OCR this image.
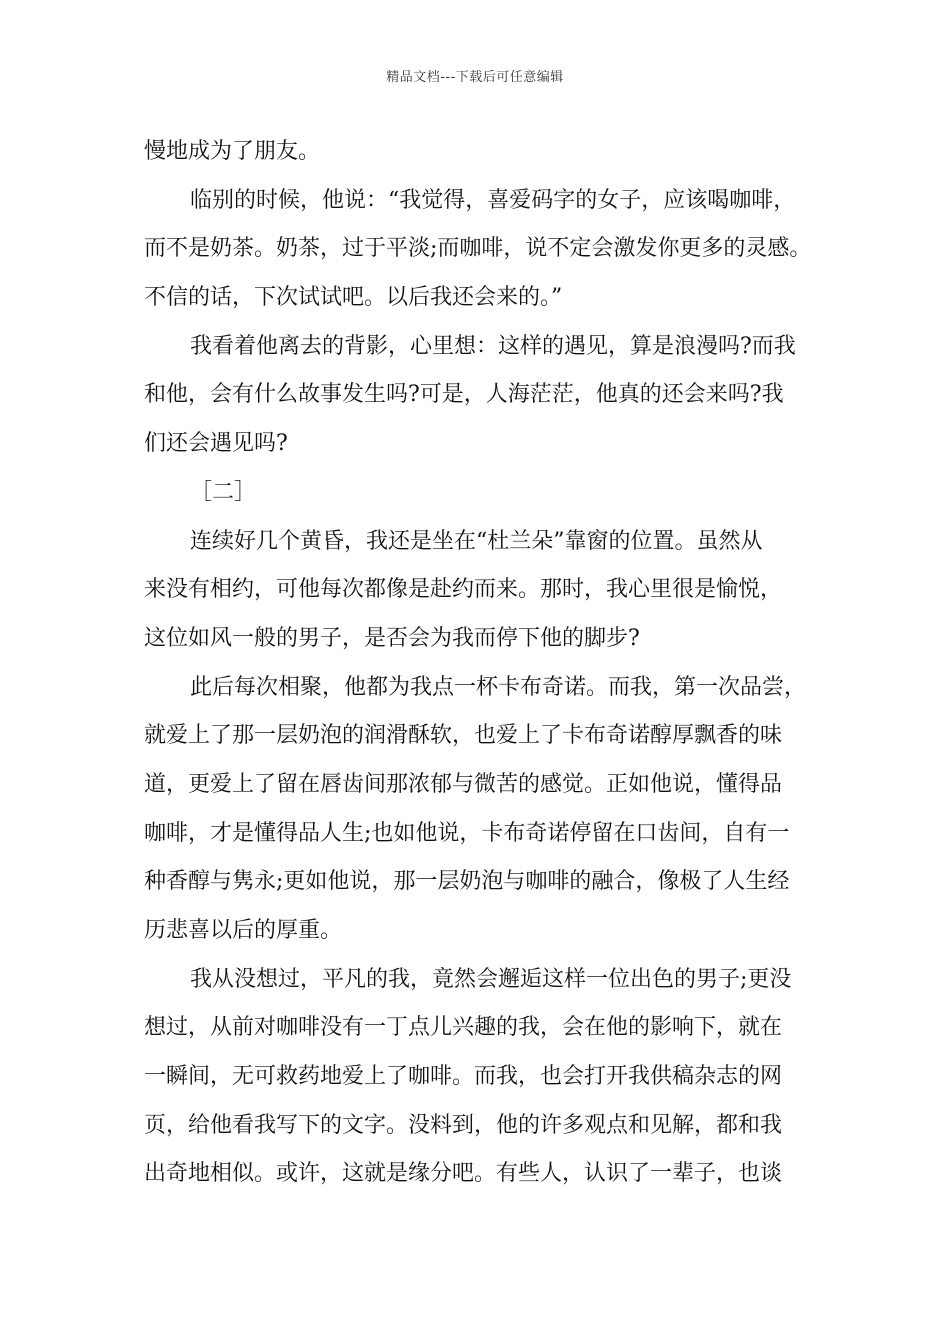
精品文档---下载后可任意编辑
慢地成为了朋友。
临别的时候，他说：“我觉得，喜爱码字的女子，应该喝咖啡，
而不是奶茶。奶茶，过于平淡;而咖啡，说不定会激发你更多的灵感。
不信的话，下次试试吧。以后我还会来的。”
我看着他离去的背影，心里想：这样的遇见，算是浪漫吗?而我
和他，会有什么故事发生吗?可是，人海茫茫，他真的还会来吗?我
们还会遇见吗?
［二］
连续好几个黄昏，我还是坐在“杜兰朵”靠窗的位置。虽然从
来没有相约，可他每次都像是赴约而来。那时，我心里很是愉悦，
这位如风一般的男子，是否会为我而停下他的脚步?
此后每次相聚，他都为我点一杯卡布奇诺。而我，第一次品尝，
就爱上了那一层奶泡的润滑酥软，也爱上了卡布奇诺醇厚飘香的味
道，更爱上了留在唇齿间那浓郁与微苦的感觉。正如他说，懂得品
咖啡，才是懂得品人生;也如他说，卡布奇诺停留在口齿间，自有一
种香醇与隽永;更如他说，那一层奶泡与咖啡的融合，像极了人生经
历悲喜以后的厚重。
我从没想过，平凡的我，竟然会邂逅这样一位出色的男子;更没
想过，从前对咖啡没有一丁点儿兴趣的我，会在他的影响下，就在
一瞬间，无可救药地爱上了咖啡。而我，也会打开我供稿杂志的网
页，给他看我写下的文字。没料到，他的许多观点和见解，都和我
出奇地相似。或许，这就是缘分吧。有些人，认识了一辈子，也谈
